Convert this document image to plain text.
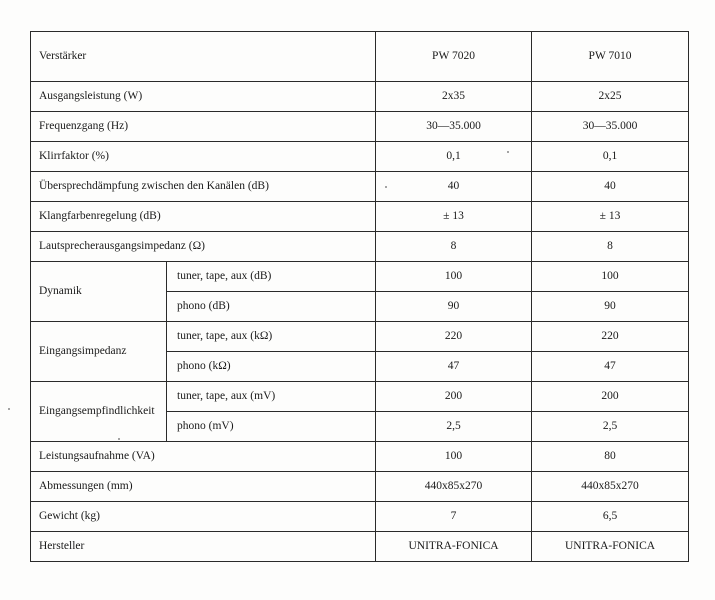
Verstärker		PW 7020	PW 7010
Ausgangsleistung (W)		2x35	2x25
Frequenzgang (Hz)		30—35.000	30—35.000
Klirrfaktor (%)		0,1	0,1
Übersprechdämpfung zwischen den Kanälen (dB)		40	40
Klangfarbenregelung (dB)		± 13	± 13
Lautsprecherausgangsimpedanz (Ω)		8	8
Dynamik	tuner, tape, aux (dB)	100	100
	phono (dB)	90	90
Eingangsimpedanz	tuner, tape, aux (kΩ)	220	220
	phono (kΩ)	47	47
Eingangsempfindlichkeit	tuner, tape, aux (mV)	200	200
	phono (mV)	2,5	2,5
Leistungsaufnahme (VA)		100	80
Abmessungen (mm)		440x85x270	440x85x270
Gewicht (kg)		7	6,5
Hersteller		UNITRA-FONICA	UNITRA-FONICA
